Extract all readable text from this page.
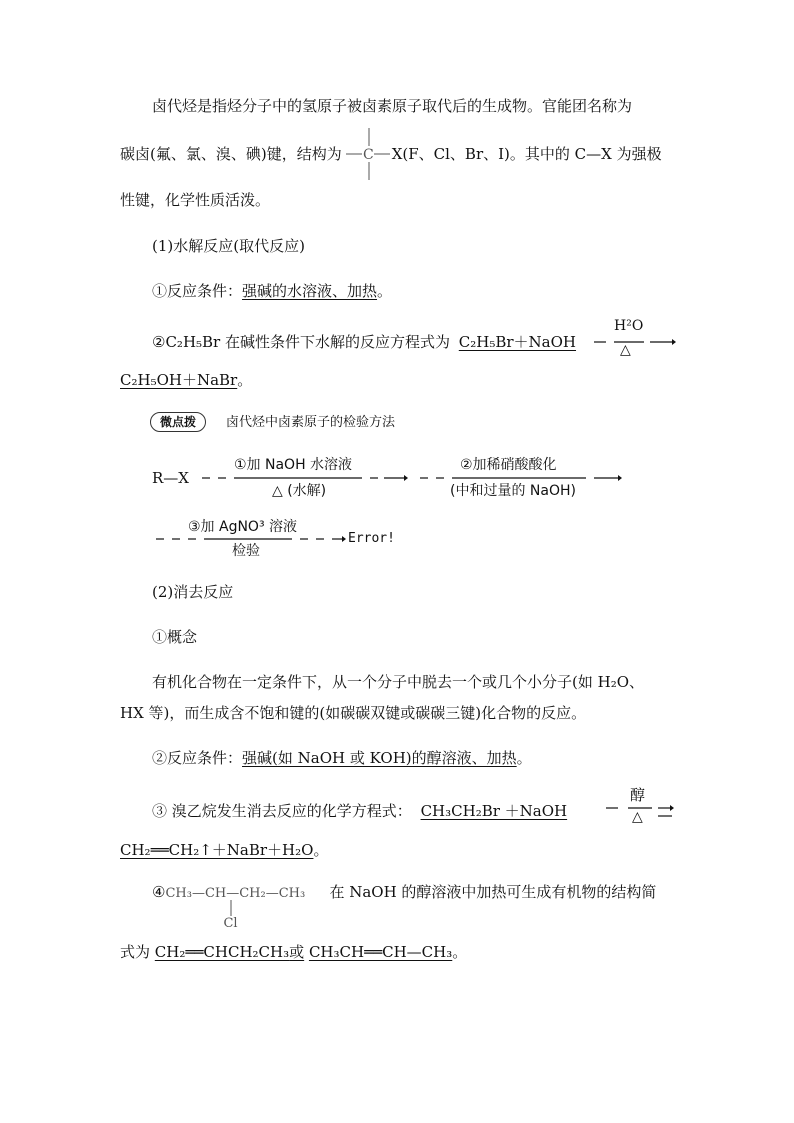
卤代烃是指烃分子中的氢原子被卤素原子取代后的生成物。官能团名称为
碳卤(氟、氯、溴、碘)键，结构为 C X(F、Cl、Br、I)。其中的 C—X 为强极
性键，化学性质活泼。
(1)水解反应(取代反应)
①反应条件：强碱的水溶液、加热。
②C₂H₅Br 在碱性条件下水解的反应方程式为 C₂H₅Br＋NaOH
H²O
△
C₂H₅OH＋NaBr。
微点拨	卤代烃中卤素原子的检验方法
R—X
①加 NaOH 水溶液
△ (水解)
②加稀硝酸酸化
(中和过量的 NaOH)
③加 AgNO³ 溶液
检验
Error!
(2)消去反应
①概念
有机化合物在一定条件下，从一个分子中脱去一个或几个小分子(如 H₂O、
HX 等)，而生成含不饱和键的(如碳碳双键或碳碳三键)化合物的反应。
②反应条件：强碱(如 NaOH 或 KOH)的醇溶液、加热。
③ 溴乙烷发生消去反应的化学方程式： CH₃CH₂Br ＋NaOH
醇
△
CH₂══CH₂↑＋NaBr＋H₂O。
④ CH₃—CH—CH₂—CH₃
Cl
在 NaOH 的醇溶液中加热可生成有机物的结构简
式为 CH₂══CHCH₂CH₃或 CH₃CH══CH—CH₃。
